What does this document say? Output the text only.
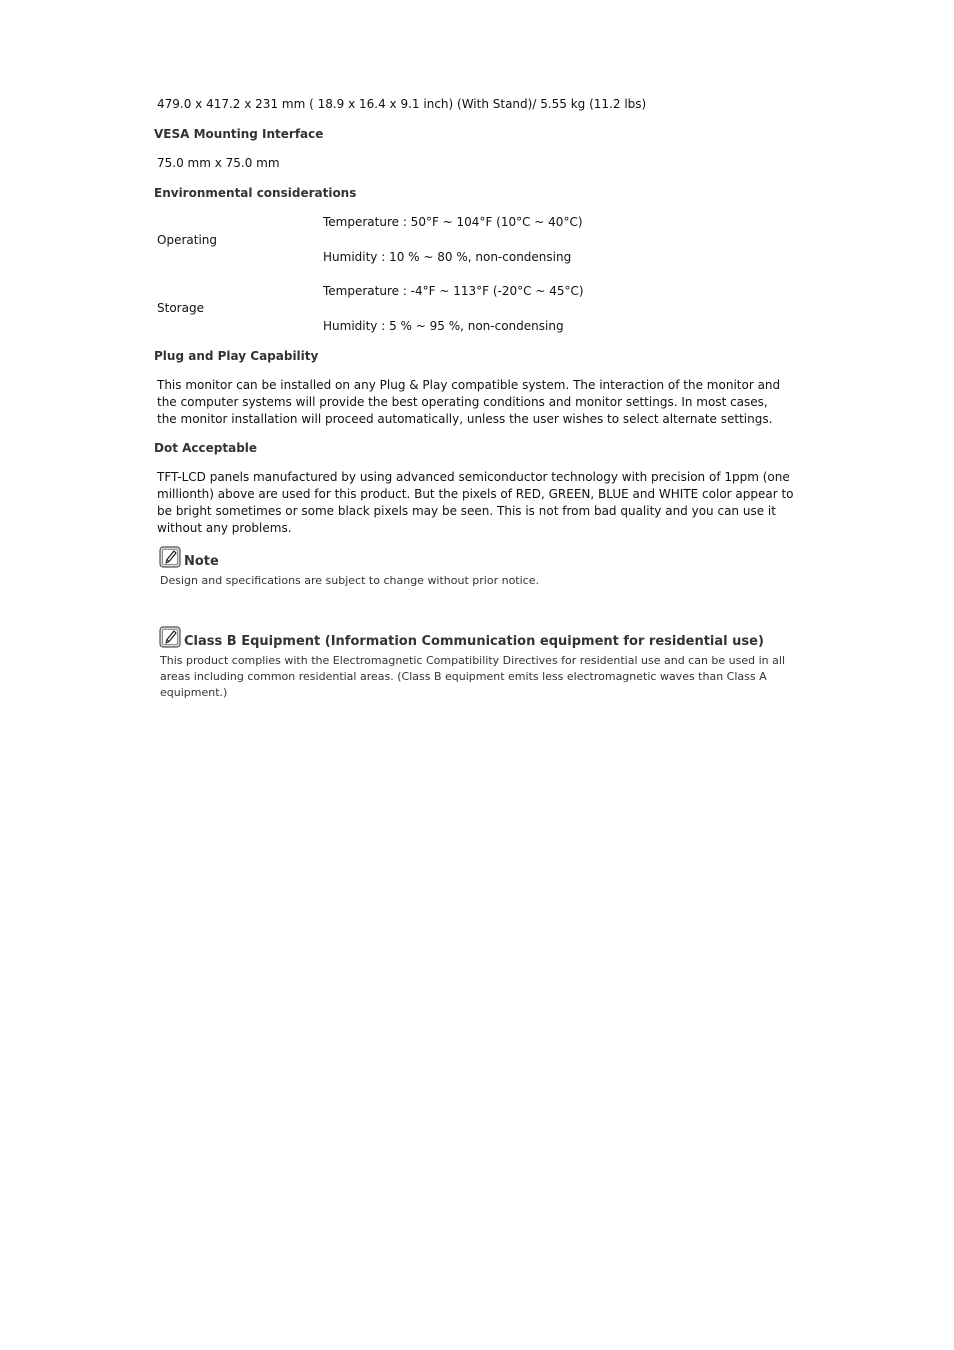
479.0 x 417.2 x 231 mm ( 18.9 x 16.4 x 9.1 inch) (With Stand)/ 5.55 kg (11.2 lbs)
VESA Mounting Interface
75.0 mm x 75.0 mm
Environmental considerations
Operating
Temperature : 50°F ~ 104°F (10°C ~ 40°C)
Humidity : 10 % ~ 80 %, non-condensing
Storage
Temperature : -4°F ~ 113°F (-20°C ~ 45°C)
Humidity : 5 % ~ 95 %, non-condensing
Plug and Play Capability
This monitor can be installed on any Plug & Play compatible system. The interaction of the monitor and the computer systems will provide the best operating conditions and monitor settings. In most cases, the monitor installation will proceed automatically, unless the user wishes to select alternate settings.
Dot Acceptable
TFT-LCD panels manufactured by using advanced semiconductor technology with precision of 1ppm (one millionth) above are used for this product. But the pixels of RED, GREEN, BLUE and WHITE color appear to be bright sometimes or some black pixels may be seen. This is not from bad quality and you can use it without any problems.
Note
Design and specifications are subject to change without prior notice.
Class B Equipment (Information Communication equipment for residential use)
This product complies with the Electromagnetic Compatibility Directives for residential use and can be used in all areas including common residential areas. (Class B equipment emits less electromagnetic waves than Class A equipment.)
